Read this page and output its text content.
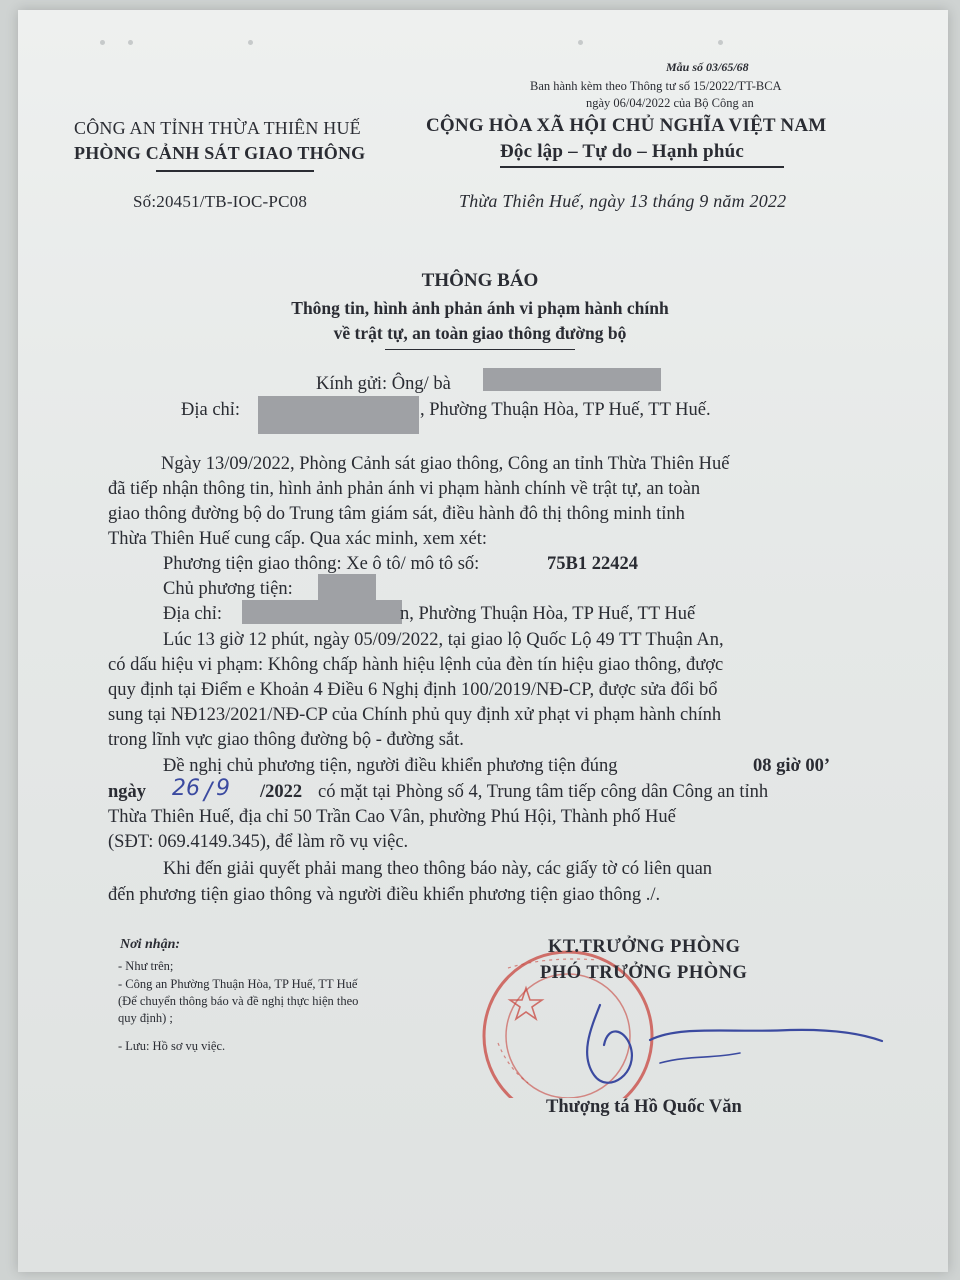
Mẫu số 03/65/68
Ban hành kèm theo Thông tư số 15/2022/TT-BCA
ngày 06/04/2022 của Bộ Công an
CÔNG AN TỈNH THỪA THIÊN HUẾ
PHÒNG CẢNH SÁT GIAO THÔNG
Số:20451/TB-IOC-PC08
CỘNG HÒA XÃ HỘI CHỦ NGHĨA VIỆT NAM
Độc lập – Tự do – Hạnh phúc
Thừa Thiên Huế, ngày 13 tháng 9 năm 2022
THÔNG BÁO
Thông tin, hình ảnh phản ánh vi phạm hành chính
về trật tự, an toàn giao thông đường bộ
Kính gửi: Ông/ bà
Địa chỉ:	, Phường Thuận Hòa, TP Huế, TT Huế.
Ngày 13/09/2022, Phòng Cảnh sát giao thông, Công an tỉnh Thừa Thiên Huế
đã tiếp nhận thông tin, hình ảnh phản ánh vi phạm hành chính về trật tự, an toàn
giao thông đường bộ do Trung tâm giám sát, điều hành đô thị thông minh tỉnh
Thừa Thiên Huế cung cấp. Qua xác minh, xem xét:
Phương tiện giao thông: Xe ô tô/ mô tô số:	75B1 22424
Chủ phương tiện:
Địa chỉ:	n, Phường Thuận Hòa, TP Huế, TT Huế
Lúc 13 giờ 12 phút, ngày 05/09/2022, tại giao lộ Quốc Lộ 49 TT Thuận An,
có dấu hiệu vi phạm: Không chấp hành hiệu lệnh của đèn tín hiệu giao thông, được
quy định tại Điểm e Khoản 4 Điều 6 Nghị định 100/2019/NĐ-CP, được sửa đổi bổ
sung tại NĐ123/2021/NĐ-CP của Chính phủ quy định xử phạt vi phạm hành chính
trong lĩnh vực giao thông đường bộ - đường sắt.
Đề nghị chủ phương tiện, người điều khiển phương tiện đúng	08 giờ 00’
ngày 26 / 9 /2022 có mặt tại Phòng số 4, Trung tâm tiếp công dân Công an tỉnh
Thừa Thiên Huế, địa chỉ 50 Trần Cao Vân, phường Phú Hội, Thành phố Huế
(SĐT: 069.4149.345), để làm rõ vụ việc.
Khi đến giải quyết phải mang theo thông báo này, các giấy tờ có liên quan
đến phương tiện giao thông và người điều khiển phương tiện giao thông ./.
Nơi nhận:
- Như trên;
- Công an Phường Thuận Hòa, TP Huế, TT Huế
(Để chuyển thông báo và đề nghị thực hiện theo
quy định) ;
- Lưu: Hồ sơ vụ việc.
KT.TRƯỞNG PHÒNG
PHÓ TRƯỞNG PHÒNG
Thượng tá Hồ Quốc Văn
